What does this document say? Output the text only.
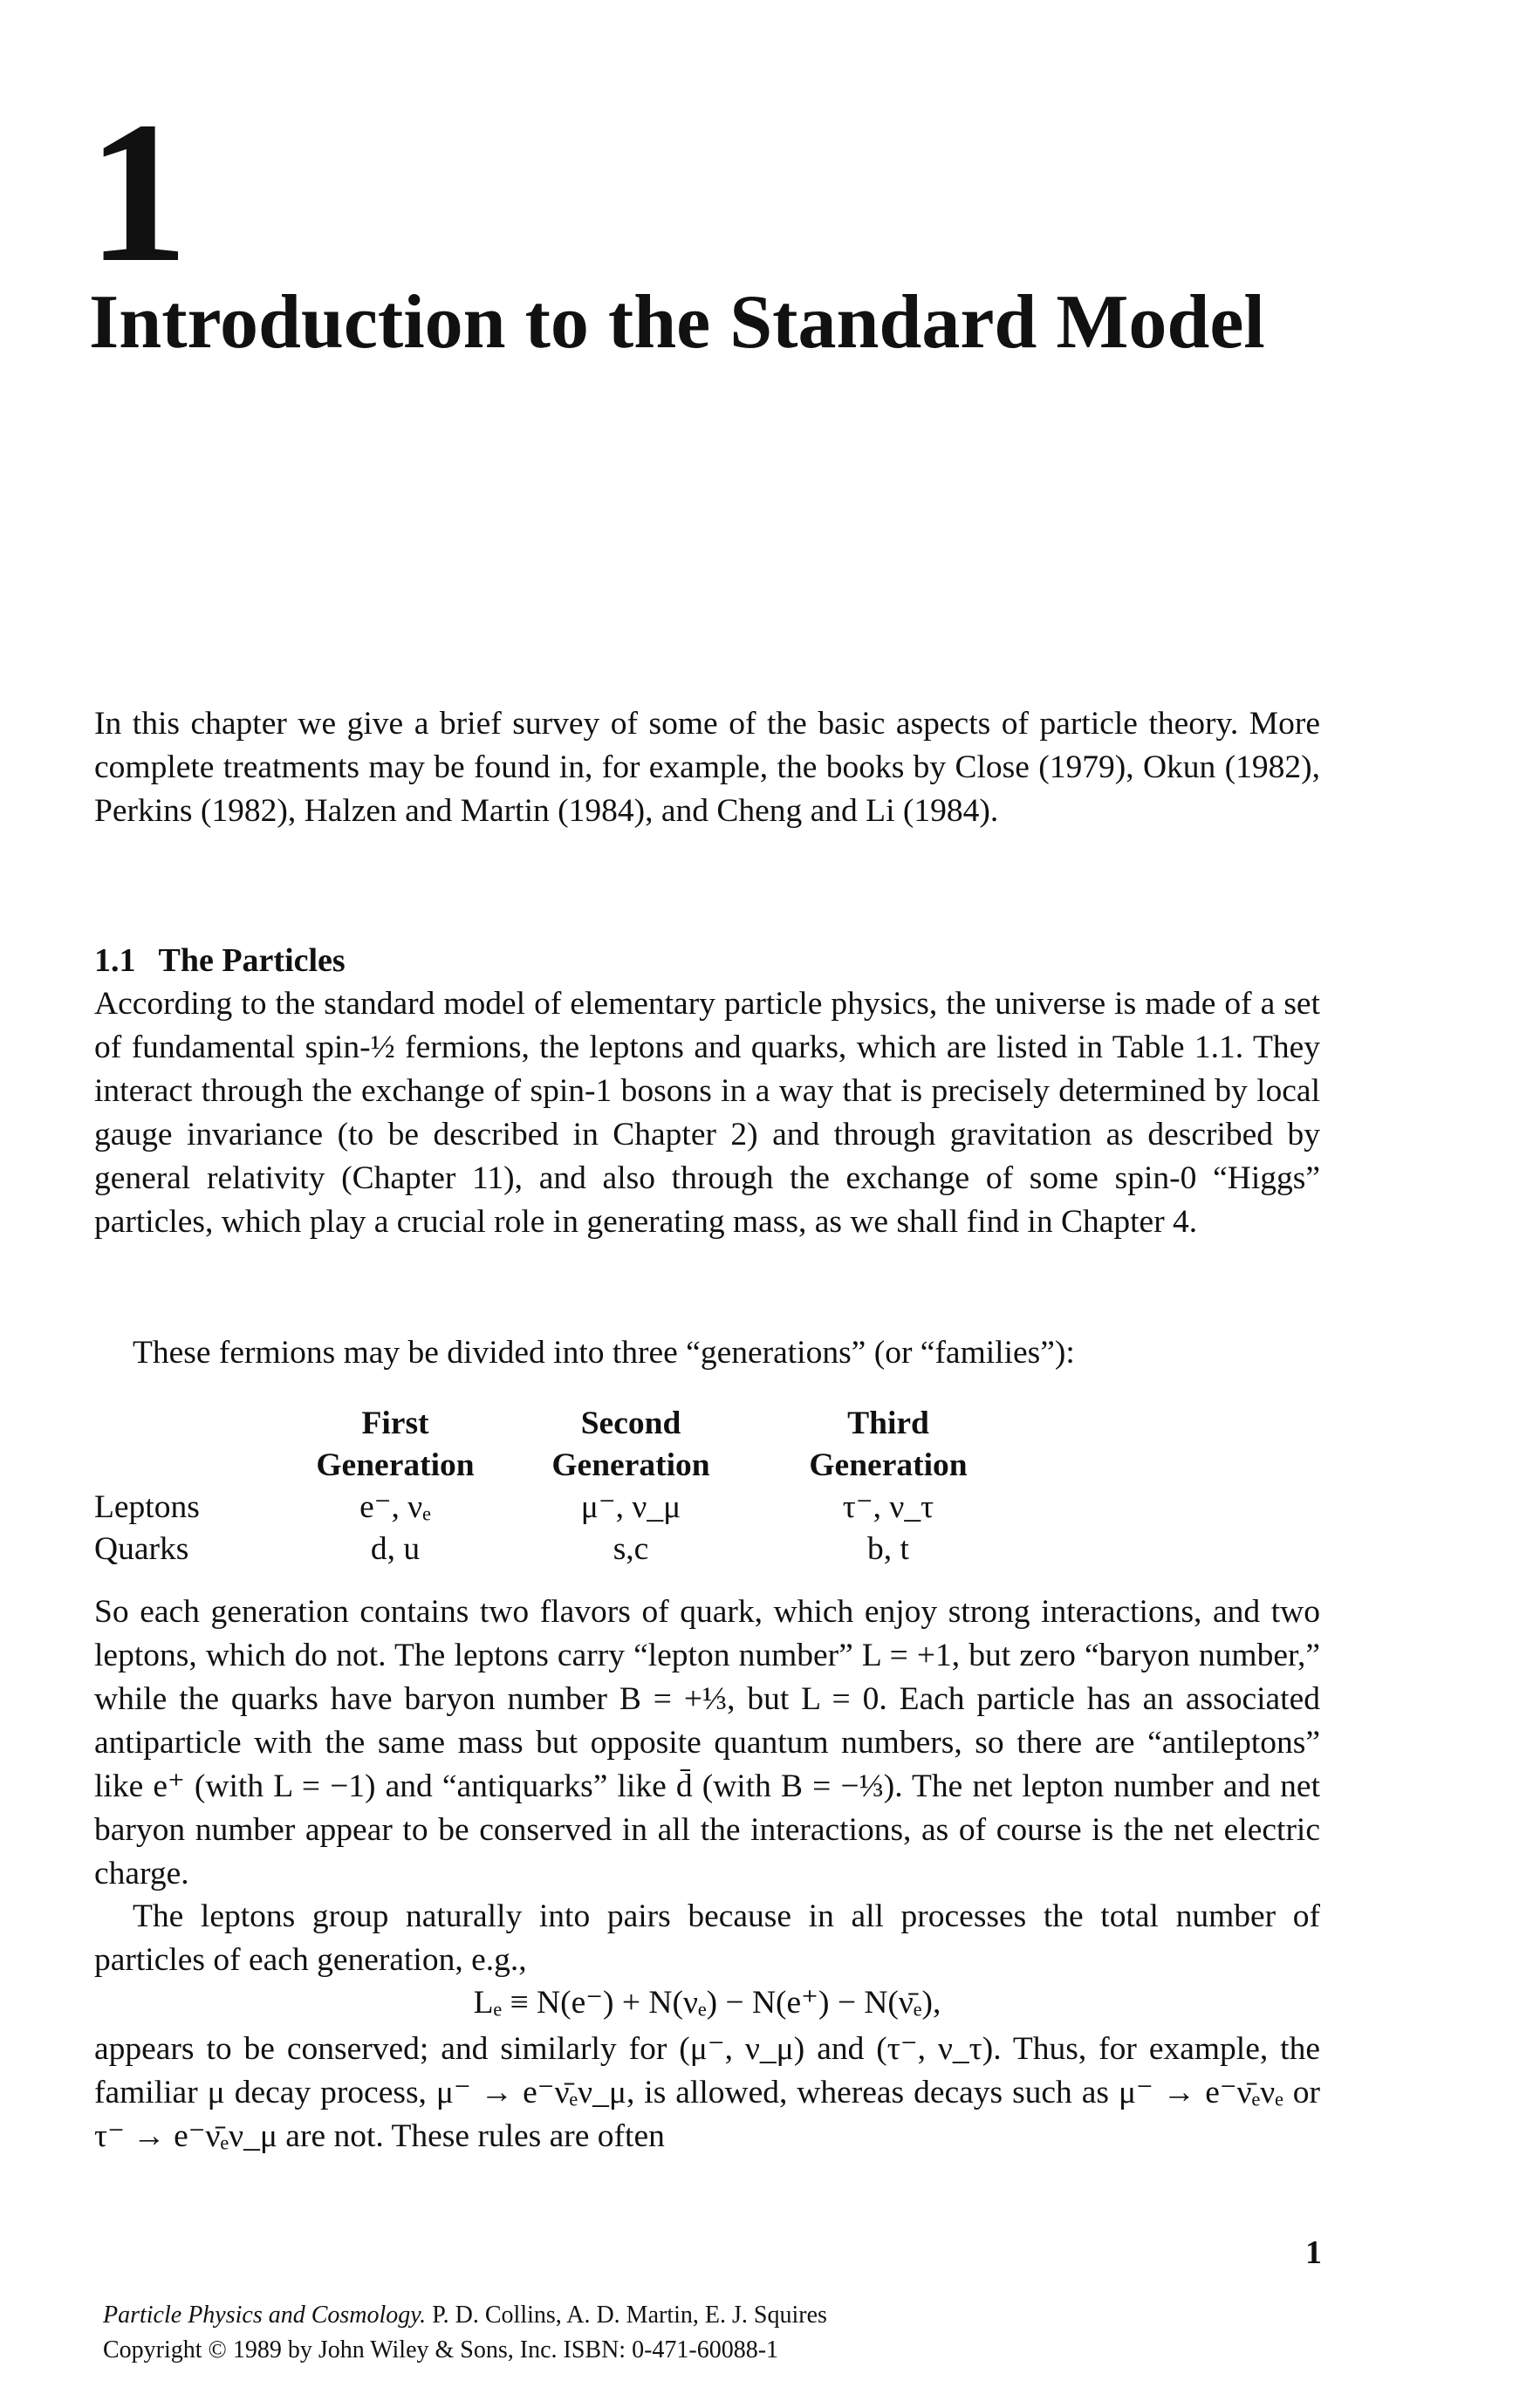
1
Introduction to the Standard Model

In this chapter we give a brief survey of some of the basic aspects of particle theory. More complete treatments may be found in, for example, the books by Close (1979), Okun (1982), Perkins (1982), Halzen and Martin (1984), and Cheng and Li (1984).

1.1 The Particles

According to the standard model of elementary particle physics, the universe is made of a set of fundamental spin-½ fermions, the leptons and quarks, which are listed in Table 1.1. They interact through the exchange of spin-1 bosons in a way that is precisely determined by local gauge invariance (to be described in Chapter 2) and through gravitation as described by general relativity (Chapter 11), and also through the exchange of some spin-0 “Higgs” particles, which play a crucial role in generating mass, as we shall find in Chapter 4.

These fermions may be divided into three “generations” (or “families”):

	First	Second	Third
	Generation	Generation	Generation
Leptons	e⁻, νₑ	μ⁻, ν_μ	τ⁻, ν_τ
Quarks	d, u	s,c	b, t

So each generation contains two flavors of quark, which enjoy strong interactions, and two leptons, which do not. The leptons carry “lepton number” L = +1, but zero “baryon number,” while the quarks have baryon number B = +⅓, but L = 0. Each particle has an associated antiparticle with the same mass but opposite quantum numbers, so there are “antileptons” like e⁺ (with L = −1) and “antiquarks” like d̄ (with B = −⅓). The net lepton number and net baryon number appear to be conserved in all the interactions, as of course is the net electric charge.

The leptons group naturally into pairs because in all processes the total number of particles of each generation, e.g.,

Lₑ ≡ N(e⁻) + N(νₑ) − N(e⁺) − N(ν̄ₑ),

appears to be conserved; and similarly for (μ⁻, ν_μ) and (τ⁻, ν_τ). Thus, for example, the familiar μ decay process, μ⁻ → e⁻ν̄ₑν_μ, is allowed, whereas decays such as μ⁻ → e⁻ν̄ₑνₑ or τ⁻ → e⁻ν̄ₑν_μ are not. These rules are often

1
Particle Physics and Cosmology. P. D. Collins, A. D. Martin, E. J. Squires
Copyright © 1989 by John Wiley & Sons, Inc. ISBN: 0-471-60088-1
